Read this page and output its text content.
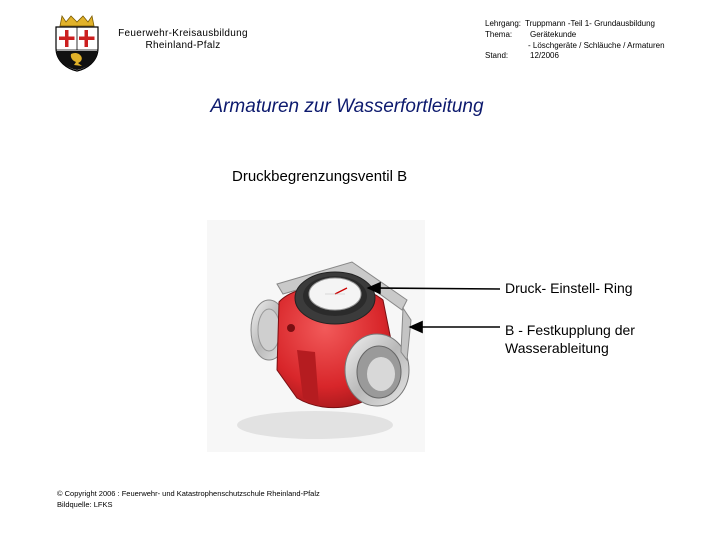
Feuerwehr-Kreisausbildung
Rheinland-Pfalz
Lehrgang: Truppmann -Teil 1- Grundausbildung
Thema: Gerätekunde
- Löschgeräte / Schläuche / Armaturen
Stand:	12/2006
Armaturen zur Wasserfortleitung
Druckbegrenzungsventil B
Druck- Einstell- Ring
B - Festkupplung der
Wasserableitung
© Copyright 2006 : Feuerwehr- und Katastrophenschutzschule Rheinland-Pfalz
Bildquelle: LFKS
